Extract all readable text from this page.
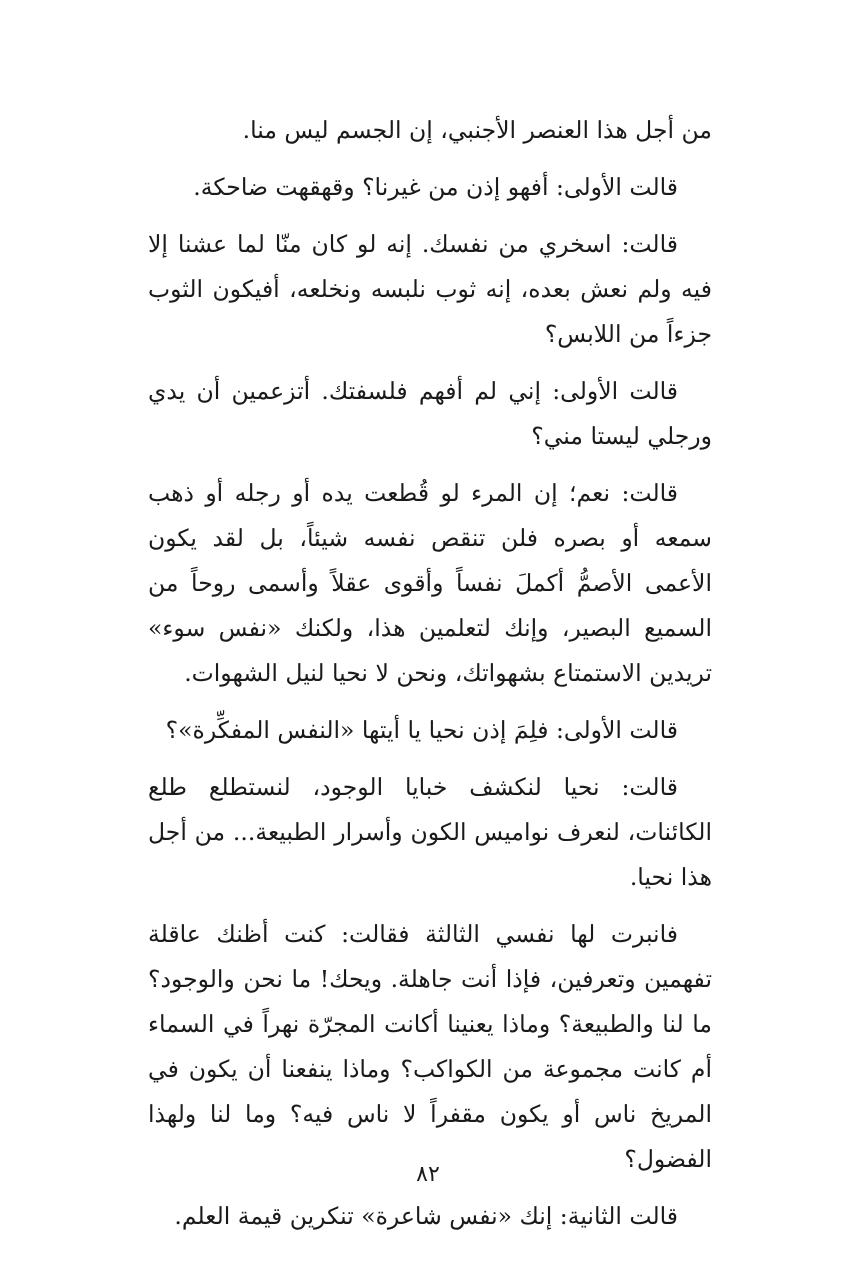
من أجل هذا العنصر الأجنبي، إن الجسم ليس منا.

قالت الأولى: أفهو إذن من غيرنا؟ وقهقهت ضاحكة.

قالت: اسخري من نفسك. إنه لو كان منّا لما عشنا إلا فيه ولم نعش بعده، إنه ثوب نلبسه ونخلعه، أفيكون الثوب جزءاً من اللابس؟

قالت الأولى: إني لم أفهم فلسفتك. أتزعمين أن يدي ورجلي ليستا مني؟

قالت: نعم؛ إن المرء لو قُطعت يده أو رجله أو ذهب سمعه أو بصره فلن تنقص نفسه شيئاً، بل لقد يكون الأعمى الأصمُّ أكملَ نفساً وأقوى عقلاً وأسمى روحاً من السميع البصير، وإنك لتعلمين هذا، ولكنك «نفس سوء» تريدين الاستمتاع بشهواتك، ونحن لا نحيا لنيل الشهوات.

قالت الأولى: فلِمَ إذن نحيا يا أيتها «النفس المفكِّرة»؟

قالت: نحيا لنكشف خبايا الوجود، لنستطلع طلع الكائنات، لنعرف نواميس الكون وأسرار الطبيعة... من أجل هذا نحيا.

فانبرت لها نفسي الثالثة فقالت: كنت أظنك عاقلة تفهمين وتعرفين، فإذا أنت جاهلة. ويحك! ما نحن والوجود؟ ما لنا والطبيعة؟ وماذا يعنينا أكانت المجرّة نهراً في السماء أم كانت مجموعة من الكواكب؟ وماذا ينفعنا أن يكون في المريخ ناس أو يكون مقفراً لا ناس فيه؟ وما لنا ولهذا الفضول؟

قالت الثانية: إنك «نفس شاعرة» تنكرين قيمة العلم.

٨٢
